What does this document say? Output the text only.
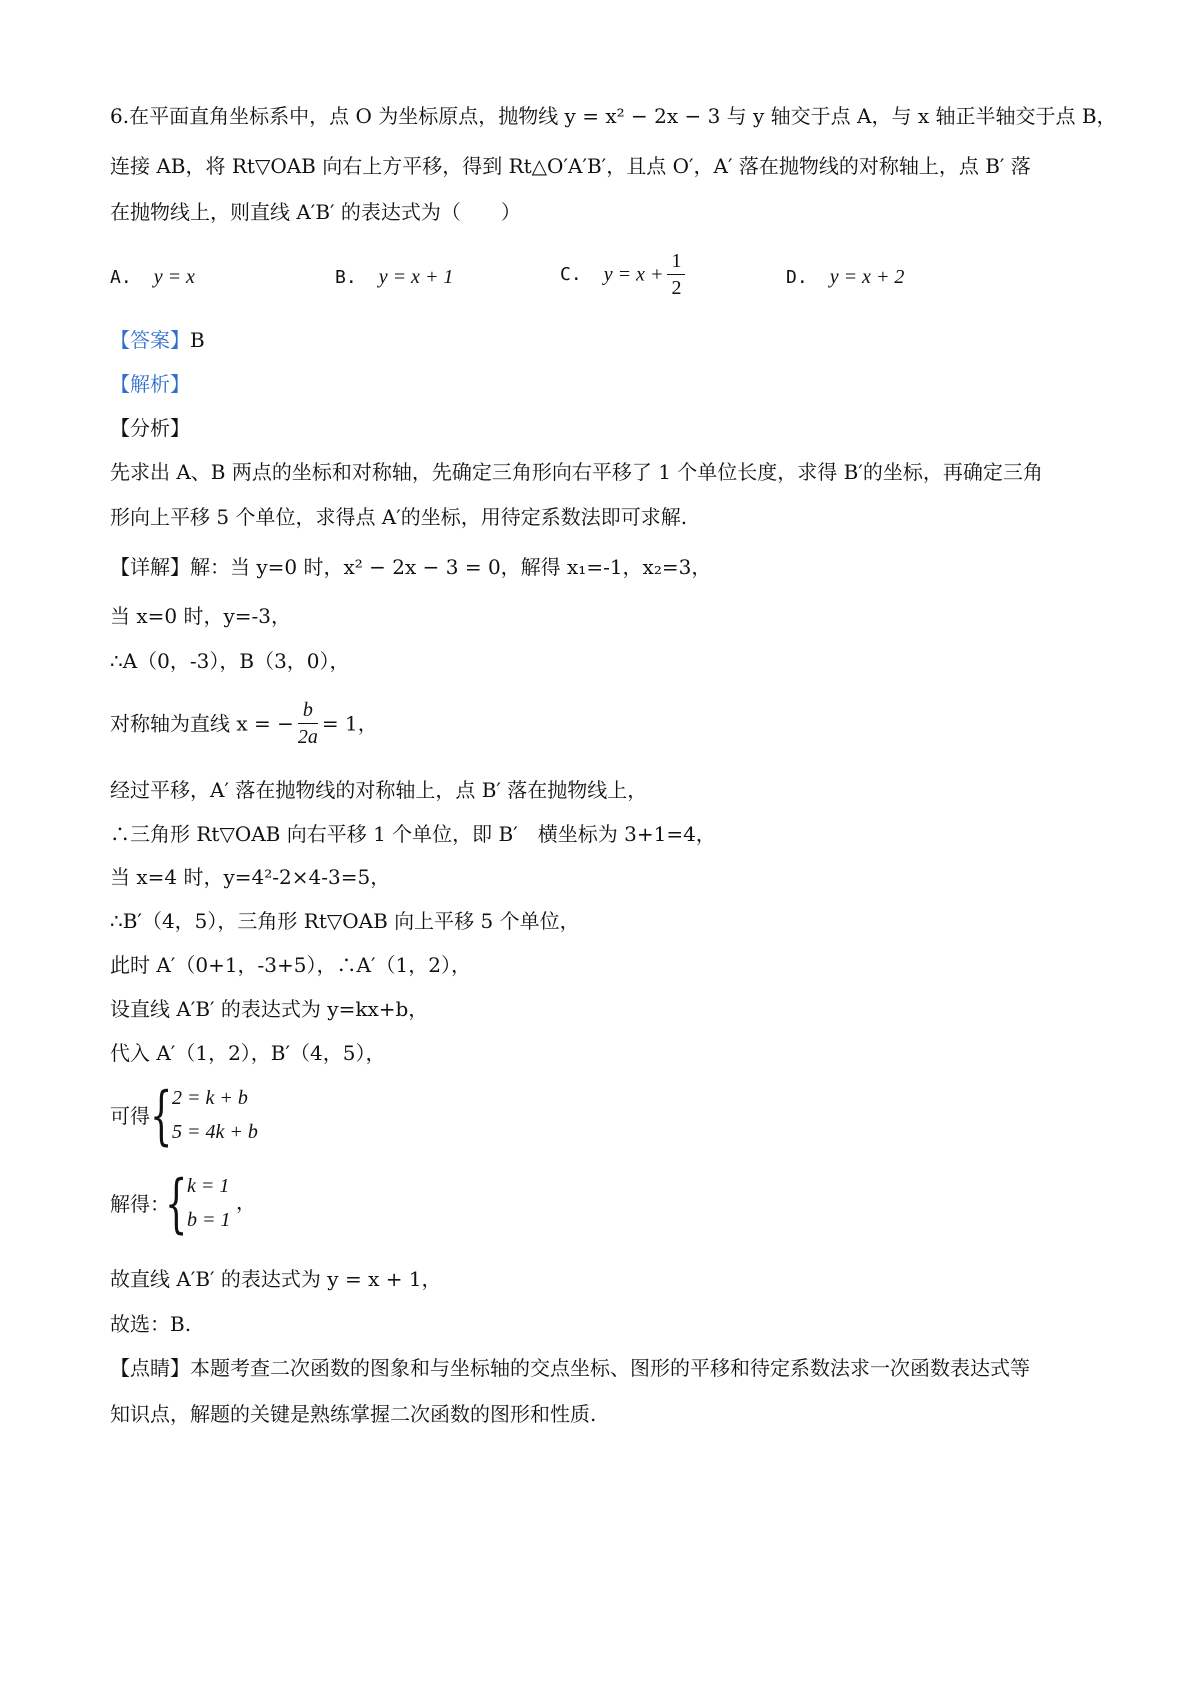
6.在平面直角坐标系中，点 O 为坐标原点，抛物线 y = x² − 2x − 3 与 y 轴交于点 A，与 x 轴正半轴交于点 B，
连接 AB，将 Rt▽OAB 向右上方平移，得到 Rt△O′A′B′，且点 O′，A′ 落在抛物线的对称轴上，点 B′ 落
在抛物线上，则直线 A′B′ 的表达式为（　　）
A. y = x	B. y = x + 1	C. $y = x + \frac{1}{2}$	D. y = x + 2
【答案】B
【解析】
【分析】
先求出 A、B 两点的坐标和对称轴，先确定三角形向右平移了 1 个单位长度，求得 B′的坐标，再确定三角
形向上平移 5 个单位，求得点 A′的坐标，用待定系数法即可求解.
【详解】解：当 y=0 时，x² − 2x − 3 = 0，解得 x₁=-1，x₂=3，
当 x=0 时，y=-3，
∴A（0，-3），B（3，0），
对称轴为直线 x = − $\frac{b}{2a} = 1$，
经过平移，A′ 落在抛物线的对称轴上，点 B′ 落在抛物线上，
∴三角形 Rt▽OAB 向右平移 1 个单位，即 B′　横坐标为 3+1=4，
当 x=4 时，y=4²-2×4-3=5，
∴B′（4，5），三角形 Rt▽OAB 向上平移 5 个单位，
此时 A′（0+1，-3+5），∴A′（1，2），
设直线 A′B′ 的表达式为 y=kx+b，
代入 A′（1，2），B′（4，5），
可得 { 2 = k + b
5 = 4k + b
解得：
{ k = 1
b = 1
，
故直线 A′B′ 的表达式为 y = x + 1，
故选：B.
【点睛】本题考查二次函数的图象和与坐标轴的交点坐标、图形的平移和待定系数法求一次函数表达式等
知识点，解题的关键是熟练掌握二次函数的图形和性质.
